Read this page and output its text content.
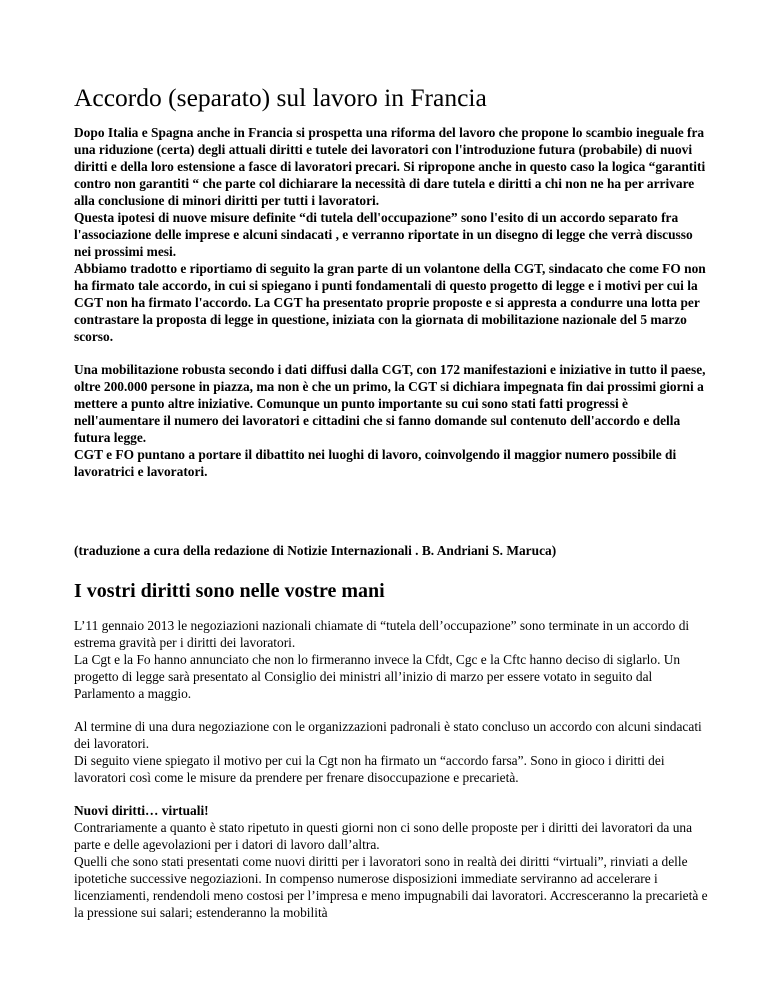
Accordo (separato) sul lavoro in Francia

Dopo Italia e Spagna anche in Francia si prospetta una riforma del lavoro che propone lo scambio ineguale fra una riduzione (certa) degli attuali diritti e tutele dei lavoratori con l'introduzione futura (probabile) di nuovi diritti e della loro estensione a fasce di lavoratori precari. Si ripropone anche in questo caso la logica “garantiti contro non garantiti “ che parte col dichiarare la necessità di dare tutela e diritti a chi non ne ha per arrivare alla conclusione di minori diritti per tutti i lavoratori.

Questa ipotesi di nuove misure definite “di tutela dell'occupazione” sono l'esito di un accordo separato fra l'associazione delle imprese e alcuni sindacati , e verranno riportate in un disegno di legge che verrà discusso nei prossimi mesi.

Abbiamo tradotto e riportiamo di seguito la gran parte di un volantone della CGT, sindacato che come FO non ha firmato tale accordo, in cui si spiegano i punti fondamentali di questo progetto di legge e i motivi per cui la CGT non ha firmato l'accordo. La CGT ha presentato proprie proposte e si appresta a condurre una lotta per contrastare la proposta di legge in questione, iniziata con la giornata di mobilitazione nazionale del 5 marzo scorso.

Una mobilitazione robusta secondo i dati diffusi dalla CGT, con 172 manifestazioni e iniziative in tutto il paese, oltre 200.000 persone in piazza, ma non è che un primo, la CGT si dichiara impegnata fin dai prossimi giorni a mettere a punto altre iniziative. Comunque un punto importante su cui sono stati fatti progressi è nell'aumentare il numero dei lavoratori e cittadini che si fanno domande sul contenuto dell'accordo e della futura legge.

CGT e FO puntano a portare il dibattito nei luoghi di lavoro, coinvolgendo il maggior numero possibile di lavoratrici e lavoratori.

(traduzione a cura della redazione di Notizie Internazionali . B. Andriani S. Maruca)

I vostri diritti sono nelle vostre mani

L’11 gennaio 2013 le negoziazioni nazionali chiamate di “tutela dell’occupazione” sono terminate in un accordo di estrema gravità per i diritti dei lavoratori.

La Cgt e la Fo hanno annunciato che non lo firmeranno invece la Cfdt, Cgc e la Cftc hanno deciso di siglarlo. Un progetto di legge sarà presentato al Consiglio dei ministri all’inizio di marzo per essere votato in seguito dal Parlamento a maggio.

Al termine di una dura negoziazione con le organizzazioni padronali è stato concluso un accordo con alcuni sindacati dei lavoratori.

Di seguito viene spiegato il motivo per cui la Cgt non ha firmato un “accordo farsa”. Sono in gioco i diritti dei lavoratori così come le misure da prendere per frenare disoccupazione e precarietà.

Nuovi diritti… virtuali!

Contrariamente a quanto è stato ripetuto in questi giorni non ci sono delle proposte per i diritti dei lavoratori da una parte e delle agevolazioni per i datori di lavoro dall’altra.

Quelli che sono stati presentati come nuovi diritti per i lavoratori sono in realtà dei diritti “virtuali”, rinviati a delle ipotetiche successive negoziazioni. In compenso numerose disposizioni immediate serviranno ad accelerare i licenziamenti, rendendoli meno costosi per l’impresa e meno impugnabili dai lavoratori. Accresceranno la precarietà e la pressione sui salari; estenderanno la mobilità
